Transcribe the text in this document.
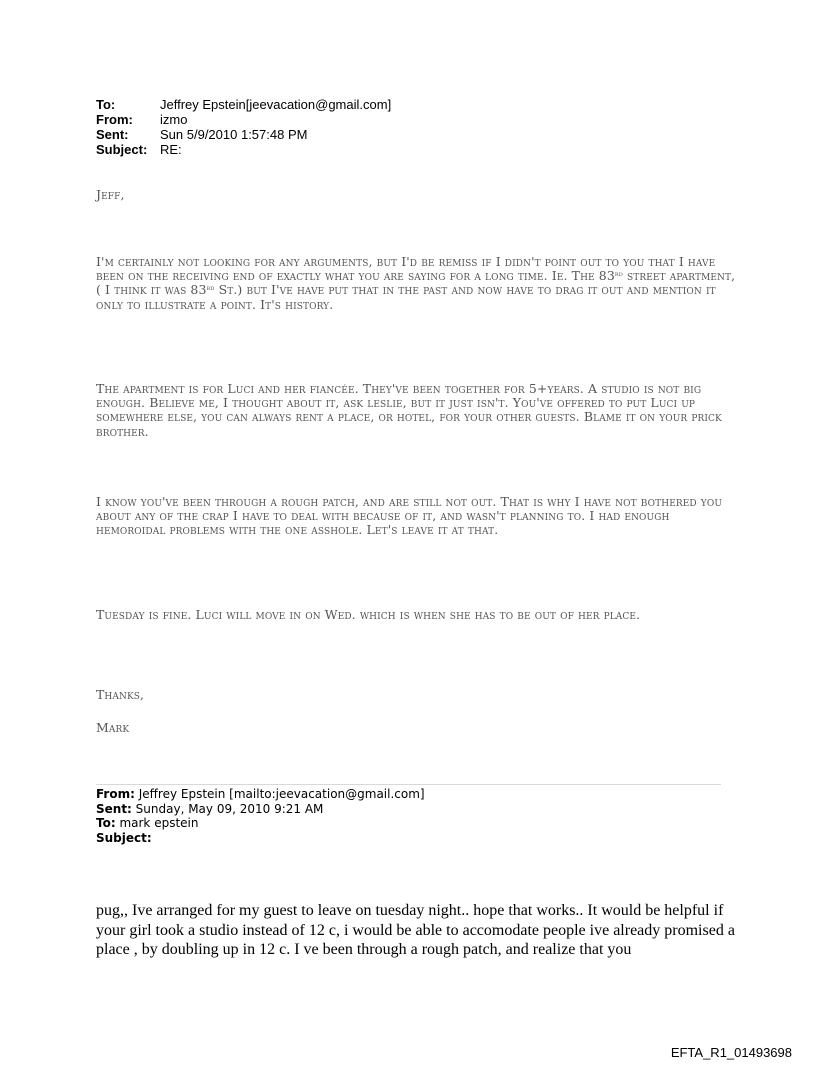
To:	Jeffrey Epstein[jeevacation@gmail.com]
From:	izmo
Sent:	Sun 5/9/2010 1:57:48 PM
Subject: RE:
Jeff,
I'm certainly not looking for any arguments, but I'd be remiss if I didn't point out to you that I have been on the receiving end of exactly what you are saying for a long time. Ie. The 83rd street apartment, ( I think it was 83rd St.) but I've have put that in the past and now have to drag it out and mention it only to illustrate a point. It's history.
The apartment is for Luci and her fiancée. They've been together for 5+years. A studio is not big enough. Believe me, I thought about it, ask leslie, but it just isn't. You've offered to put Luci up somewhere else, you can always rent a place, or hotel, for your other guests. Blame it on your prick brother.
I know you've been through a rough patch, and are still not out. That is why I have not bothered you about any of the crap I have to deal with because of it, and wasn't planning to. I had enough hemoroidal problems with the one asshole. Let's leave it at that.
Tuesday is fine. Luci will move in on Wed. which is when she has to be out of her place.
Thanks,
Mark
From: Jeffrey Epstein [mailto:jeevacation@gmail.com]
Sent: Sunday, May 09, 2010 9:21 AM
To: mark epstein
Subject:
pug,, Ive arranged for my guest to leave on tuesday night.. hope that works.. It would be helpful if your girl took a studio instead of 12 c, i would be able to accomodate people ive already promised a place , by doubling up in 12 c. I ve been through a rough patch, and realize that you
EFTA_R1_01493698
